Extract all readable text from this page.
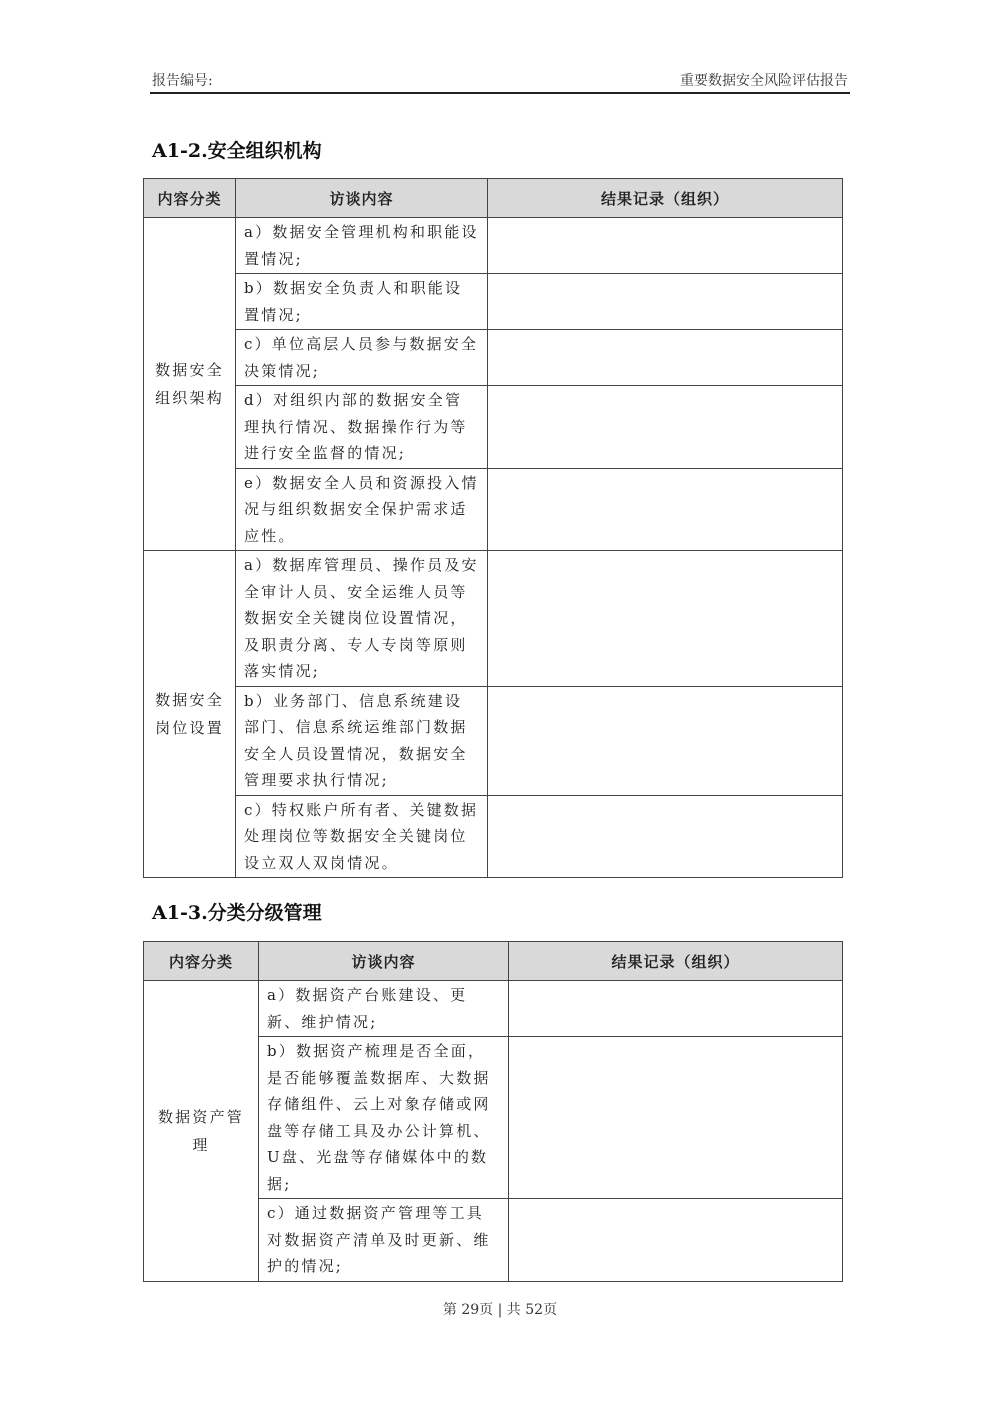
报告编号:	重要数据安全风险评估报告
A1-2.安全组织机构
内容分类	访谈内容	结果记录（组织）
数据安全组织架构	a）数据安全管理机构和职能设置情况;	
	b）数据安全负责人和职能设置情况;	
	c）单位高层人员参与数据安全决策情况;	
	d）对组织内部的数据安全管理执行情况、数据操作行为等进行安全监督的情况;	
	e）数据安全人员和资源投入情况与组织数据安全保护需求适应性。	
数据安全岗位设置	a）数据库管理员、操作员及安全审计人员、安全运维人员等数据安全关键岗位设置情况，及职责分离、专人专岗等原则落实情况;	
	b）业务部门、信息系统建设部门、信息系统运维部门数据安全人员设置情况，数据安全管理要求执行情况;	
	c）特权账户所有者、关键数据处理岗位等数据安全关键岗位设立双人双岗情况。	
A1-3.分类分级管理
内容分类	访谈内容	结果记录（组织）
数据资产管理	a）数据资产台账建设、更新、维护情况;	
	b）数据资产梳理是否全面，是否能够覆盖数据库、大数据存储组件、云上对象存储或网盘等存储工具及办公计算机、U盘、光盘等存储媒体中的数据;	
	c）通过数据资产管理等工具对数据资产清单及时更新、维护的情况;	
第 29页 | 共 52页
